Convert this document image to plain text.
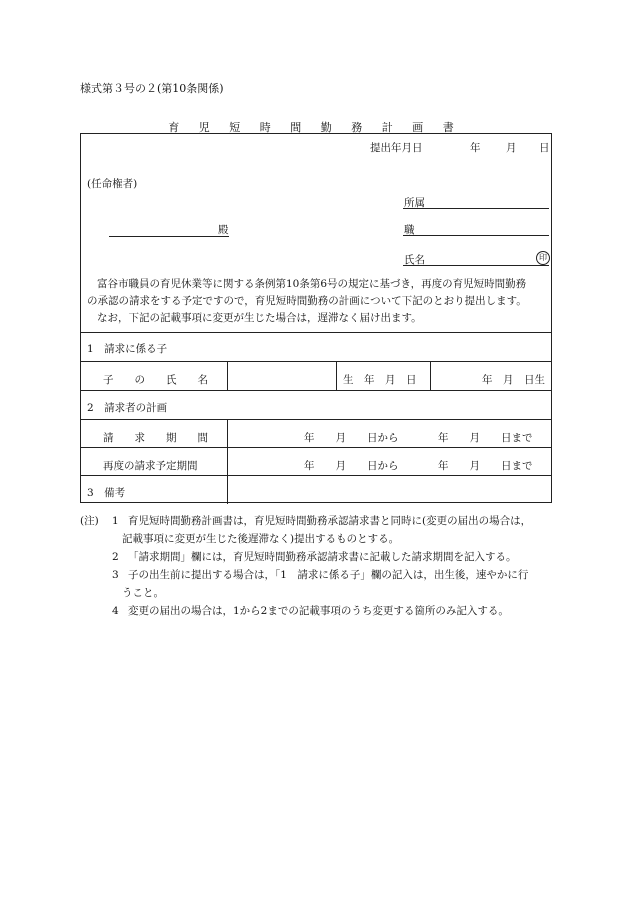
様式第３号の２(第10条関係)
育 児 短 時 間 勤 務 計 画 書
提出年月日	年 月 日
(任命権者)
所属
殿	職
氏名	印
富谷市職員の育児休業等に関する条例第10条第6号の規定に基づき，再度の育児短時間勤務
の承認の請求をする予定ですので，育児短時間勤務の計画について下記のとおり提出します。
なお，下記の記載事項に変更が生じた場合は，遅滞なく届け出ます。
1　請求に係る子
子　　の　　氏　　名	生　年　月　日	年　月　日生
2　請求者の計画
請　　求　　期　　間	年　　月　　日から	年　　月　　日まで
再度の請求予定期間	年　　月　　日から	年　　月　　日まで
3　備考
(注) 1 育児短時間勤務計画書は，育児短時間勤務承認請求書と同時に(変更の届出の場合は，
記載事項に変更が生じた後遅滞なく)提出するものとする。
2 「請求期間」欄には，育児短時間勤務承認請求書に記載した請求期間を記入する。
3 子の出生前に提出する場合は，「1　請求に係る子」欄の記入は，出生後，速やかに行
うこと。
4 変更の届出の場合は，1から2までの記載事項のうち変更する箇所のみ記入する。
